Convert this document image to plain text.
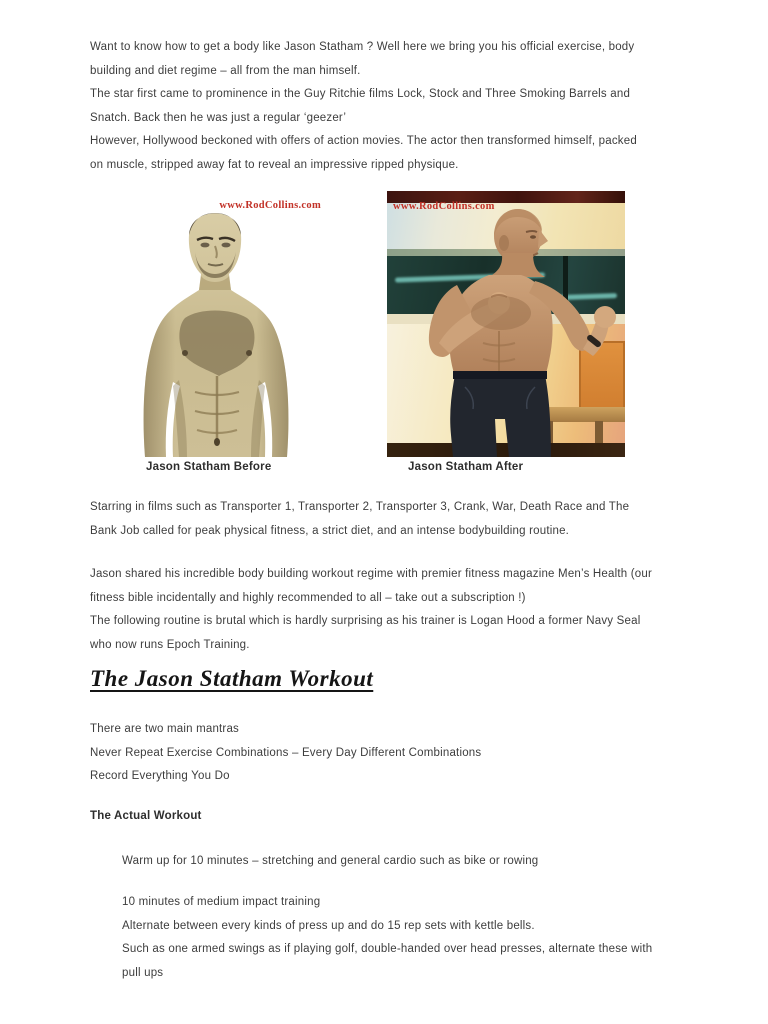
Want to know how to get a body like Jason Statham ? Well here we bring you his official exercise, body
building and diet regime – all from the man himself.
The star first came to prominence in the Guy Ritchie films Lock, Stock and Three Smoking Barrels and
Snatch. Back then he was just a regular ‘geezer’
However, Hollywood beckoned with offers of action movies. The actor then transformed himself, packed
on muscle, stripped away fat to reveal an impressive ripped physique.
www.RodCollins.com	www.RodCollins.com
Jason Statham Before	Jason Statham After
Starring in films such as Transporter 1, Transporter 2, Transporter 3, Crank, War, Death Race and The
Bank Job called for peak physical fitness, a strict diet, and an intense bodybuilding routine.
Jason shared his incredible body building workout regime with premier fitness magazine Men’s Health (our
fitness bible incidentally and highly recommended to all – take out a subscription !)
The following routine is brutal which is hardly surprising as his trainer is Logan Hood a former Navy Seal
who now runs Epoch Training.
The Jason Statham Workout
There are two main mantras
Never Repeat Exercise Combinations – Every Day Different Combinations
Record Everything You Do
The Actual Workout
Warm up for 10 minutes – stretching and general cardio such as bike or rowing
10 minutes of medium impact training
Alternate between every kinds of press up and do 15 rep sets with kettle bells.
Such as one armed swings as if playing golf, double-handed over head presses, alternate these with
pull ups
